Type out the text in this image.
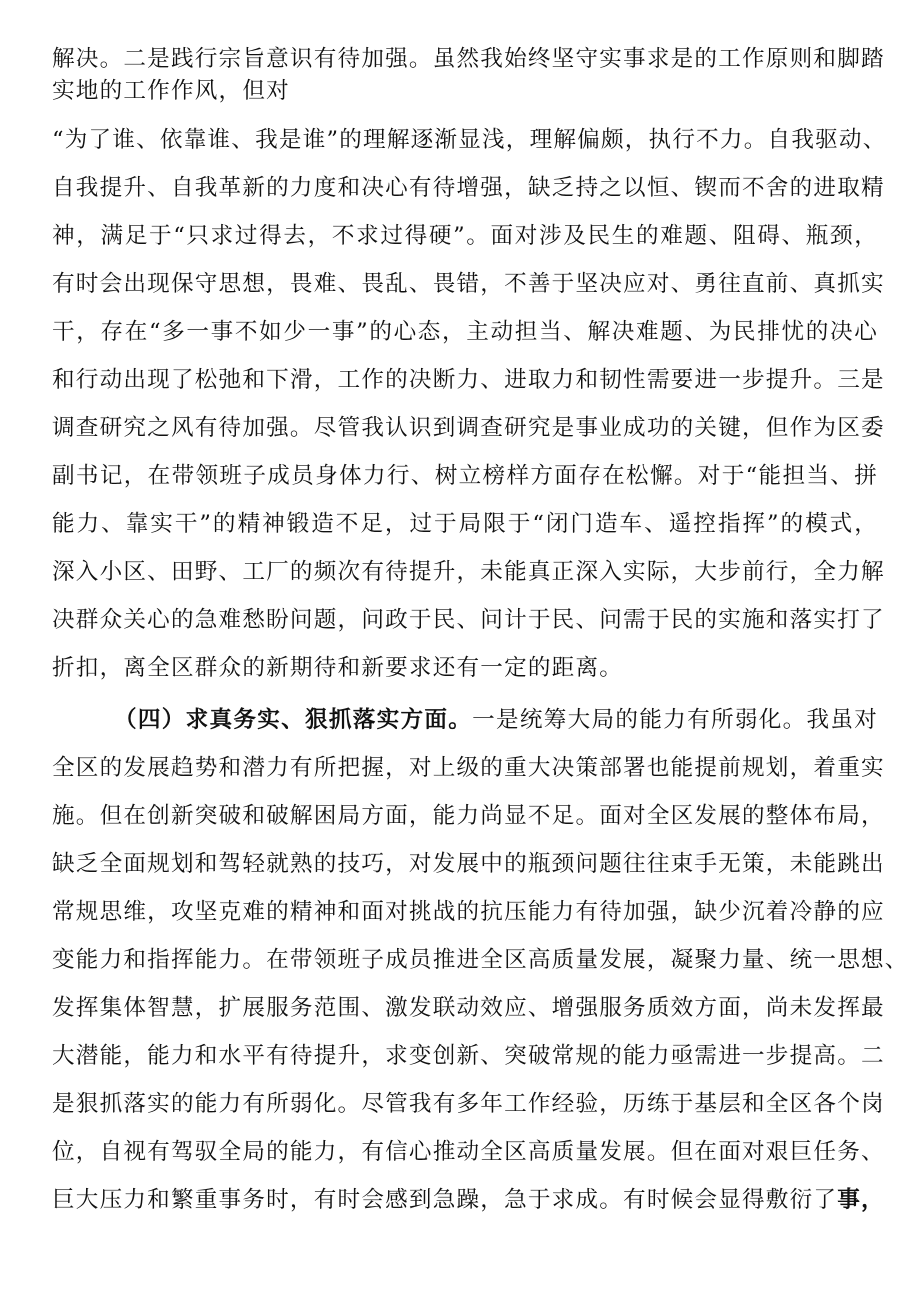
解决。二是践行宗旨意识有待加强。虽然我始终坚守实事求是的工作原则和脚踏
实地的工作作风，但对
“为了谁、依靠谁、我是谁”的理解逐渐显浅，理解偏颇，执行不力。自我驱动、
自我提升、自我革新的力度和决心有待增强，缺乏持之以恒、锲而不舍的进取精
神，满足于“只求过得去，不求过得硬”。面对涉及民生的难题、阻碍、瓶颈，
有时会出现保守思想，畏难、畏乱、畏错，不善于坚决应对、勇往直前、真抓实
干，存在“多一事不如少一事”的心态，主动担当、解决难题、为民排忧的决心
和行动出现了松弛和下滑，工作的决断力、进取力和韧性需要进一步提升。三是
调查研究之风有待加强。尽管我认识到调查研究是事业成功的关键，但作为区委
副书记，在带领班子成员身体力行、树立榜样方面存在松懈。对于“能担当、拼
能力、靠实干”的精神锻造不足，过于局限于“闭门造车、遥控指挥”的模式，
深入小区、田野、工厂的频次有待提升，未能真正深入实际，大步前行，全力解
决群众关心的急难愁盼问题，问政于民、问计于民、问需于民的实施和落实打了
折扣，离全区群众的新期待和新要求还有一定的距离。
（四）求真务实、狠抓落实方面。一是统筹大局的能力有所弱化。我虽对
全区的发展趋势和潜力有所把握，对上级的重大决策部署也能提前规划，着重实
施。但在创新突破和破解困局方面，能力尚显不足。面对全区发展的整体布局，
缺乏全面规划和驾轻就熟的技巧，对发展中的瓶颈问题往往束手无策，未能跳出
常规思维，攻坚克难的精神和面对挑战的抗压能力有待加强，缺少沉着冷静的应
变能力和指挥能力。在带领班子成员推进全区高质量发展，凝聚力量、统一思想、
发挥集体智慧，扩展服务范围、激发联动效应、增强服务质效方面，尚未发挥最
大潜能，能力和水平有待提升，求变创新、突破常规的能力亟需进一步提高。二
是狠抓落实的能力有所弱化。尽管我有多年工作经验，历练于基层和全区各个岗
位，自视有驾驭全局的能力，有信心推动全区高质量发展。但在面对艰巨任务、
巨大压力和繁重事务时，有时会感到急躁，急于求成。有时候会显得敷衍了事，
